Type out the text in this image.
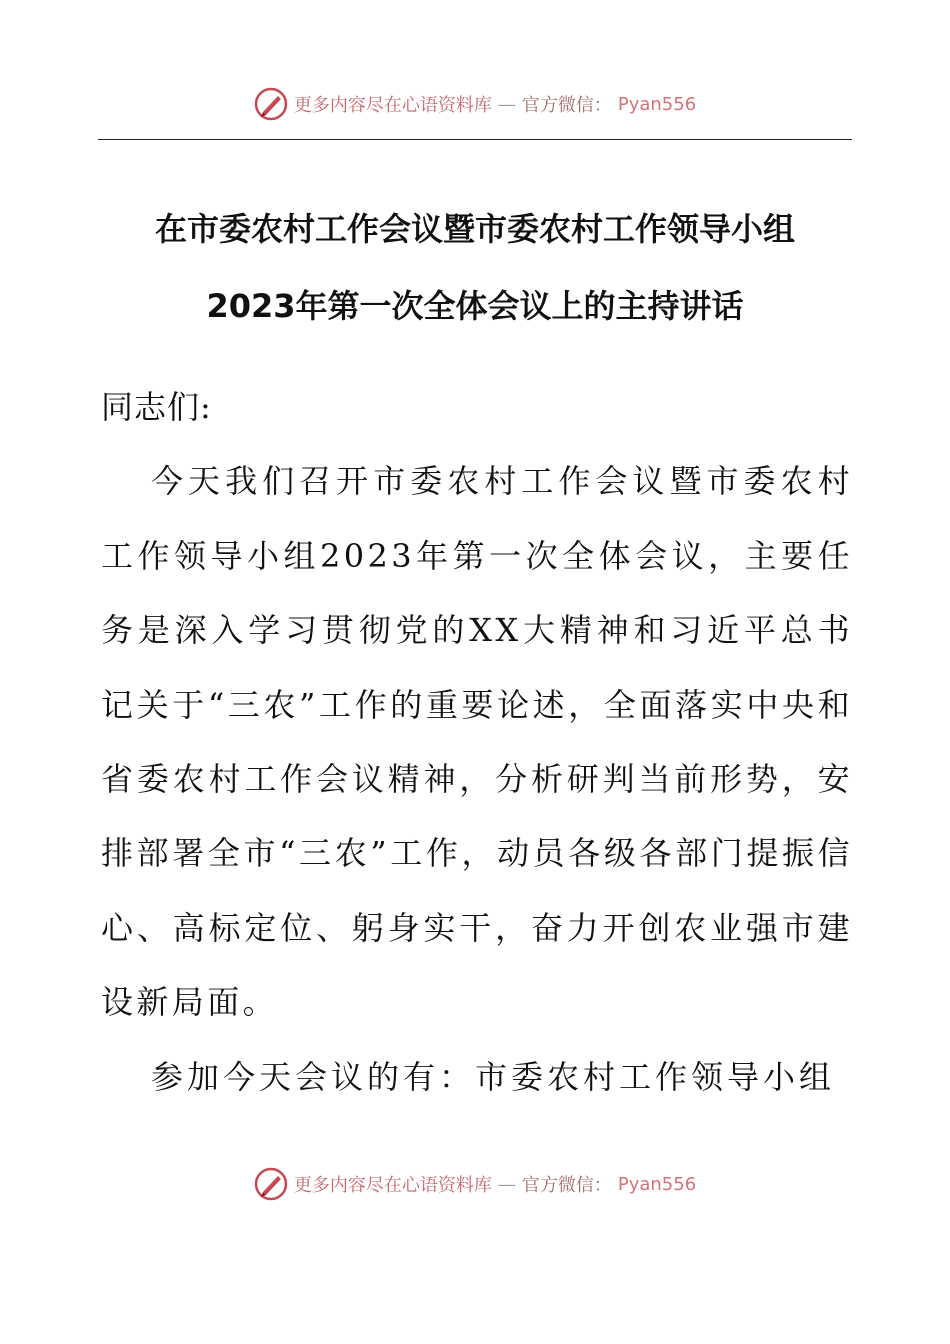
更多内容尽在心语资料库 — 官方微信： Pyan556
在市委农村工作会议暨市委农村工作领导小组
2023年第一次全体会议上的主持讲话

同志们:

今天我们召开市委农村工作会议暨市委农村工作领导小组2023年第一次全体会议，主要任务是深入学习贯彻党的XX大精神和习近平总书记关于“三农”工作的重要论述，全面落实中央和省委农村工作会议精神，分析研判当前形势，安排部署全市“三农”工作，动员各级各部门提振信心、高标定位、躬身实干，奋力开创农业强市建设新局面。

参加今天会议的有：市委农村工作领导小组

更多内容尽在心语资料库 — 官方微信： Pyan556
